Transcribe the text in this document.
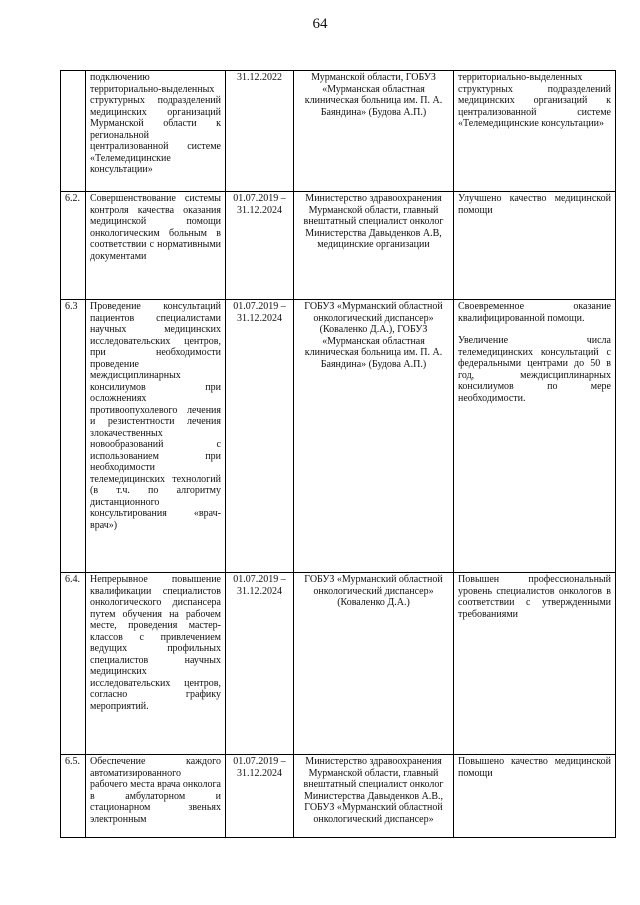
64
	подключению территориально-выделенных структурных подразделений медицинских организаций Мурманской области к региональной централизованной системе «Телемедицинские консультации»	31.12.2022	Мурманской области, ГОБУЗ «Мурманская областная клиническая больница им. П. А. Баяндина» (Будова А.П.)	территориально-выделенных структурных подразделений медицинских организаций к централизованной системе «Телемедицинские консультации»

6.2.	Совершенствование системы контроля качества оказания медицинской помощи онкологическим больным в соответствии с нормативными документами	01.07.2019 – 31.12.2024	Министерство здравоохранения Мурманской области, главный внештатный специалист онколог Министерства Давыденков А.В, медицинские организации	Улучшено качество медицинской помощи

6.3	Проведение консультаций пациентов специалистами научных медицинских исследовательских центров, при необходимости проведение междисциплинарных консилиумов при осложнениях противоопухолевого лечения и резистентности лечения злокачественных новообразований с использованием при необходимости телемедицинских технологий (в т.ч. по алгоритму дистанционного консультирования «врач-врач»)	01.07.2019 – 31.12.2024	ГОБУЗ «Мурманский областной онкологический диспансер» (Коваленко Д.А.), ГОБУЗ «Мурманская областная клиническая больница им. П. А. Баяндина» (Будова А.П.)	Своевременное оказание квалифицированной помощи.
Увеличение числа телемедицинских консультаций с федеральными центрами до 50 в год, междисциплинарных консилиумов по мере необходимости.

6.4.	Непрерывное повышение квалификации специалистов онкологического диспансера путем обучения на рабочем месте, проведения мастер-классов с привлечением ведущих профильных специалистов научных медицинских исследовательских центров, согласно графику мероприятий.	01.07.2019 – 31.12.2024	ГОБУЗ «Мурманский областной онкологический диспансер» (Коваленко Д.А.)	Повышен профессиональный уровень специалистов онкологов в соответствии с утвержденными требованиями

6.5.	Обеспечение каждого автоматизированного рабочего места врача онколога в амбулаторном и стационарном звеньях электронным	01.07.2019 – 31.12.2024	Министерство здравоохранения Мурманской области, главный внештатный специалист онколог Министерства Давыденков А.В., ГОБУЗ «Мурманский областной онкологический диспансер»	Повышено качество медицинской помощи
